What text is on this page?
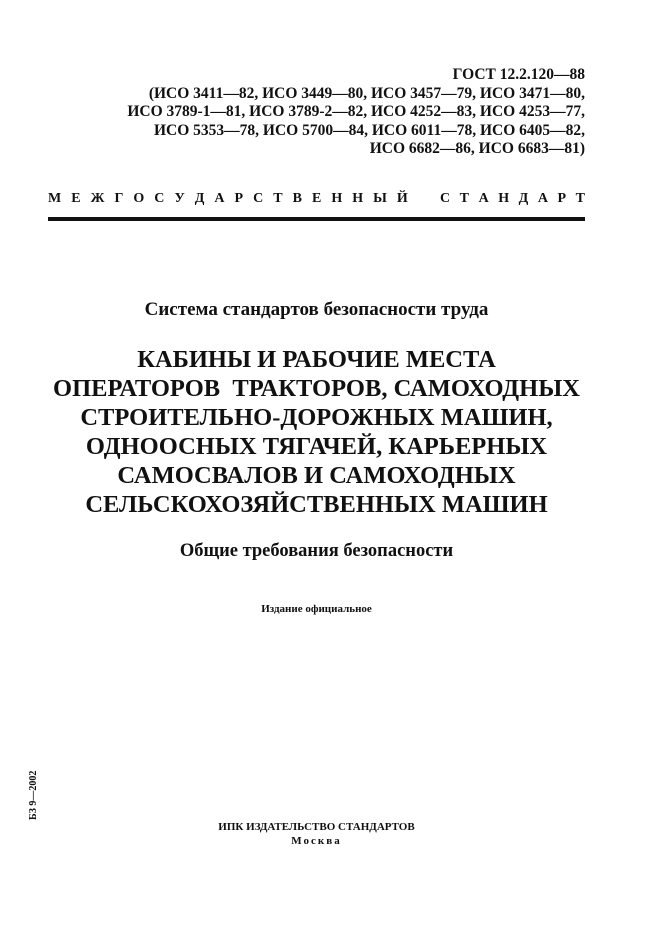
ГОСТ 12.2.120—88
(ИСО 3411—82, ИСО 3449—80, ИСО 3457—79, ИСО 3471—80,
ИСО 3789-1—81, ИСО 3789-2—82, ИСО 4252—83, ИСО 4253—77,
ИСО 5353—78, ИСО 5700—84, ИСО 6011—78, ИСО 6405—82,
ИСО 6682—86, ИСО 6683—81)
М Е Ж Г О С У Д А Р С Т В Е Н Н Ы Й С Т А Н Д А Р Т
Система стандартов безопасности труда
КАБИНЫ И РАБОЧИЕ МЕСТА
ОПЕРАТОРОВ  ТРАКТОРОВ, САМОХОДНЫХ
СТРОИТЕЛЬНО-ДОРОЖНЫХ МАШИН,
ОДНООСНЫХ ТЯГАЧЕЙ, КАРЬЕРНЫХ
САМОСВАЛОВ И САМОХОДНЫХ
СЕЛЬСКОХОЗЯЙСТВЕННЫХ МАШИН
Общие требования безопасности
Издание официальное
БЗ 9—2002
ИПК ИЗДАТЕЛЬСТВО СТАНДАРТОВ
Москва
